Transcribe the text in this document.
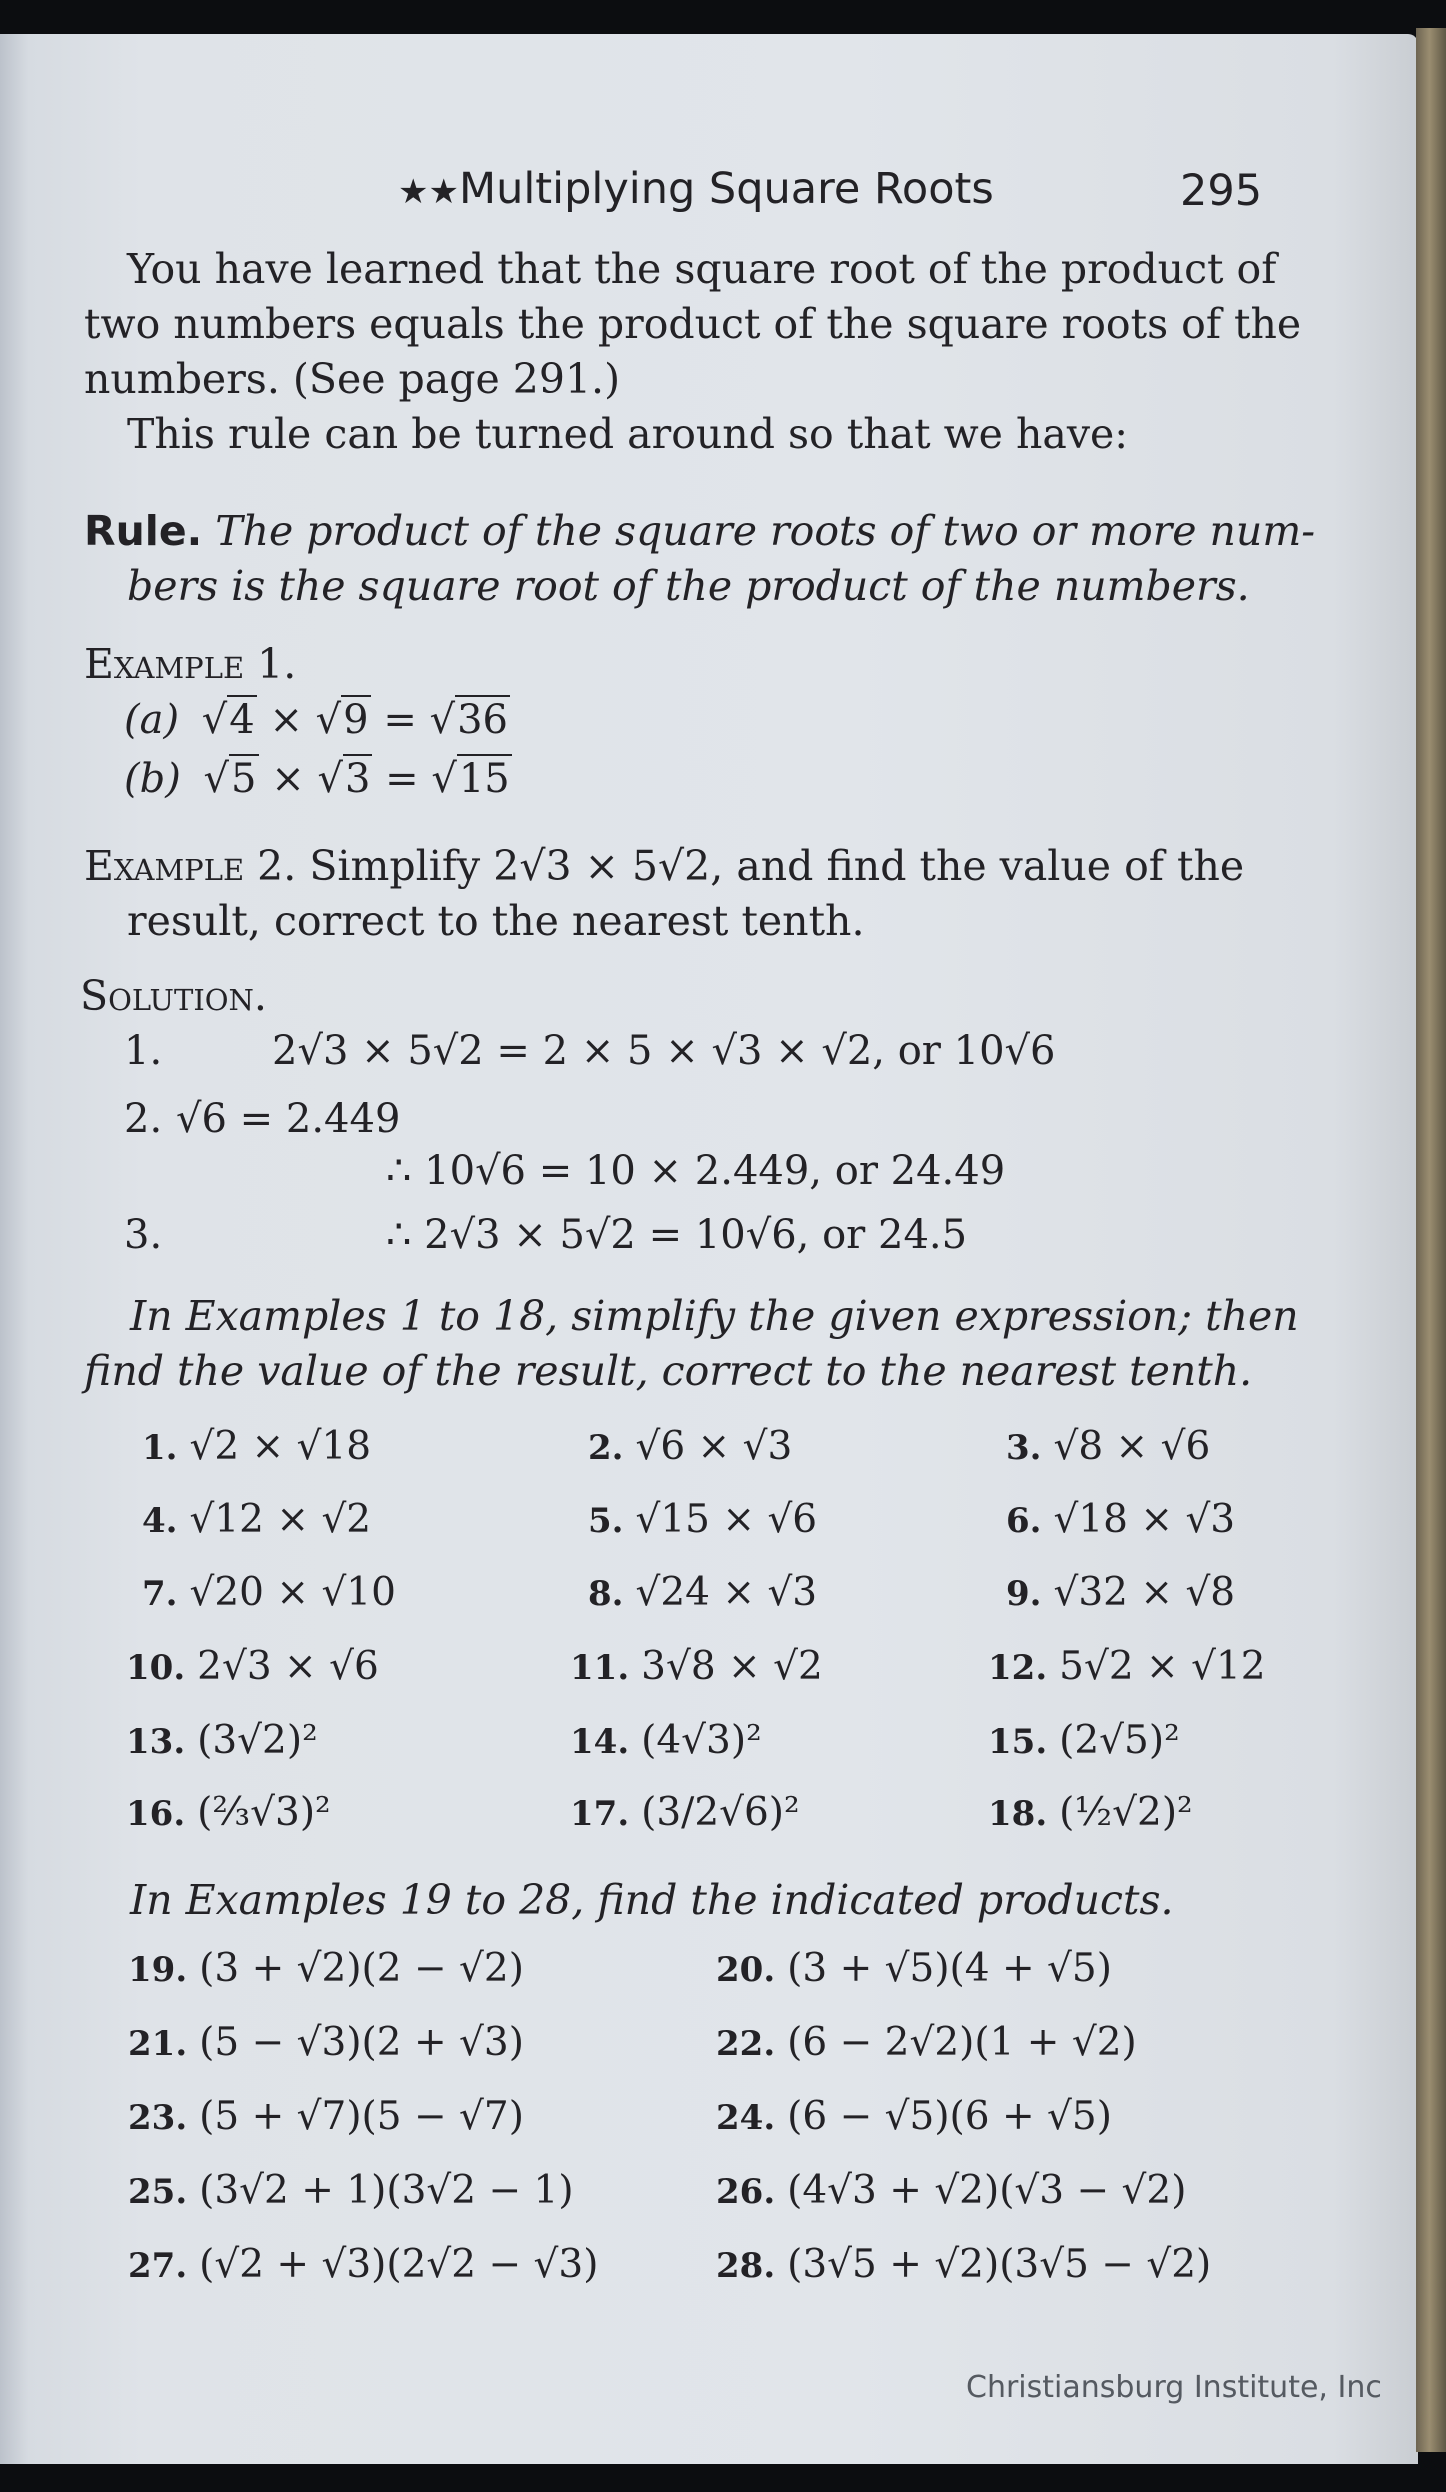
★★Multiplying Square Roots	295
You have learned that the square root of the product of
two numbers equals the product of the square roots of the
numbers. (See page 291.)
This rule can be turned around so that we have:
Rule. The product of the square roots of two or more num-
bers is the square root of the product of the numbers.
Example 1.
(a) √4 × √9 = √36
(b) √5 × √3 = √15
Example 2. Simplify 2√3 × 5√2, and find the value of the
result, correct to the nearest tenth.
Solution.
1.	2√3 × 5√2 = 2 × 5 × √3 × √2, or 10√6
2. √6 = 2.449
∴ 10√6 = 10 × 2.449, or 24.49
3.	∴ 2√3 × 5√2 = 10√6, or 24.5
In Examples 1 to 18, simplify the given expression; then
find the value of the result, correct to the nearest tenth.
1. √2 × √18	2. √6 × √3	3. √8 × √6
4. √12 × √2	5. √15 × √6	6. √18 × √3
7. √20 × √10	8. √24 × √3	9. √32 × √8
10. 2√3 × √6	11. 3√8 × √2	12. 5√2 × √12
13. (3√2)²	14. (4√3)²	15. (2√5)²
16. (⅔√3)²	17. (3/2√6)²	18. (½√2)²
In Examples 19 to 28, find the indicated products.
19. (3 + √2)(2 − √2)	20. (3 + √5)(4 + √5)
21. (5 − √3)(2 + √3)	22. (6 − 2√2)(1 + √2)
23. (5 + √7)(5 − √7)	24. (6 − √5)(6 + √5)
25. (3√2 + 1)(3√2 − 1)	26. (4√3 + √2)(√3 − √2)
27. (√2 + √3)(2√2 − √3)	28. (3√5 + √2)(3√5 − √2)
Christiansburg Institute, Inc
